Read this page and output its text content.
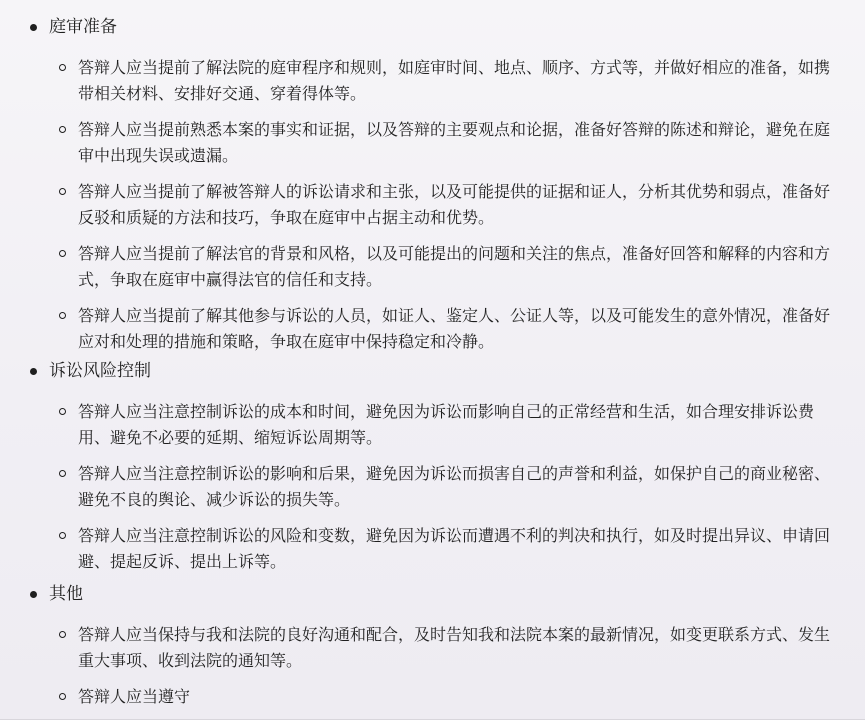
庭审准备
答辩人应当提前了解法院的庭审程序和规则，如庭审时间、地点、顺序、方式等，并做好相应的准备，如携带相关材料、安排好交通、穿着得体等。
答辩人应当提前熟悉本案的事实和证据，以及答辩的主要观点和论据，准备好答辩的陈述和辩论，避免在庭审中出现失误或遗漏。
答辩人应当提前了解被答辩人的诉讼请求和主张，以及可能提供的证据和证人，分析其优势和弱点，准备好反驳和质疑的方法和技巧，争取在庭审中占据主动和优势。
答辩人应当提前了解法官的背景和风格，以及可能提出的问题和关注的焦点，准备好回答和解释的内容和方式，争取在庭审中赢得法官的信任和支持。
答辩人应当提前了解其他参与诉讼的人员，如证人、鉴定人、公证人等，以及可能发生的意外情况，准备好应对和处理的措施和策略，争取在庭审中保持稳定和冷静。
诉讼风险控制
答辩人应当注意控制诉讼的成本和时间，避免因为诉讼而影响自己的正常经营和生活，如合理安排诉讼费用、避免不必要的延期、缩短诉讼周期等。
答辩人应当注意控制诉讼的影响和后果，避免因为诉讼而损害自己的声誉和利益，如保护自己的商业秘密、避免不良的舆论、减少诉讼的损失等。
答辩人应当注意控制诉讼的风险和变数，避免因为诉讼而遭遇不利的判决和执行，如及时提出异议、申请回避、提起反诉、提出上诉等。
其他
答辩人应当保持与我和法院的良好沟通和配合，及时告知我和法院本案的最新情况，如变更联系方式、发生重大事项、收到法院的通知等。
答辩人应当遵守
